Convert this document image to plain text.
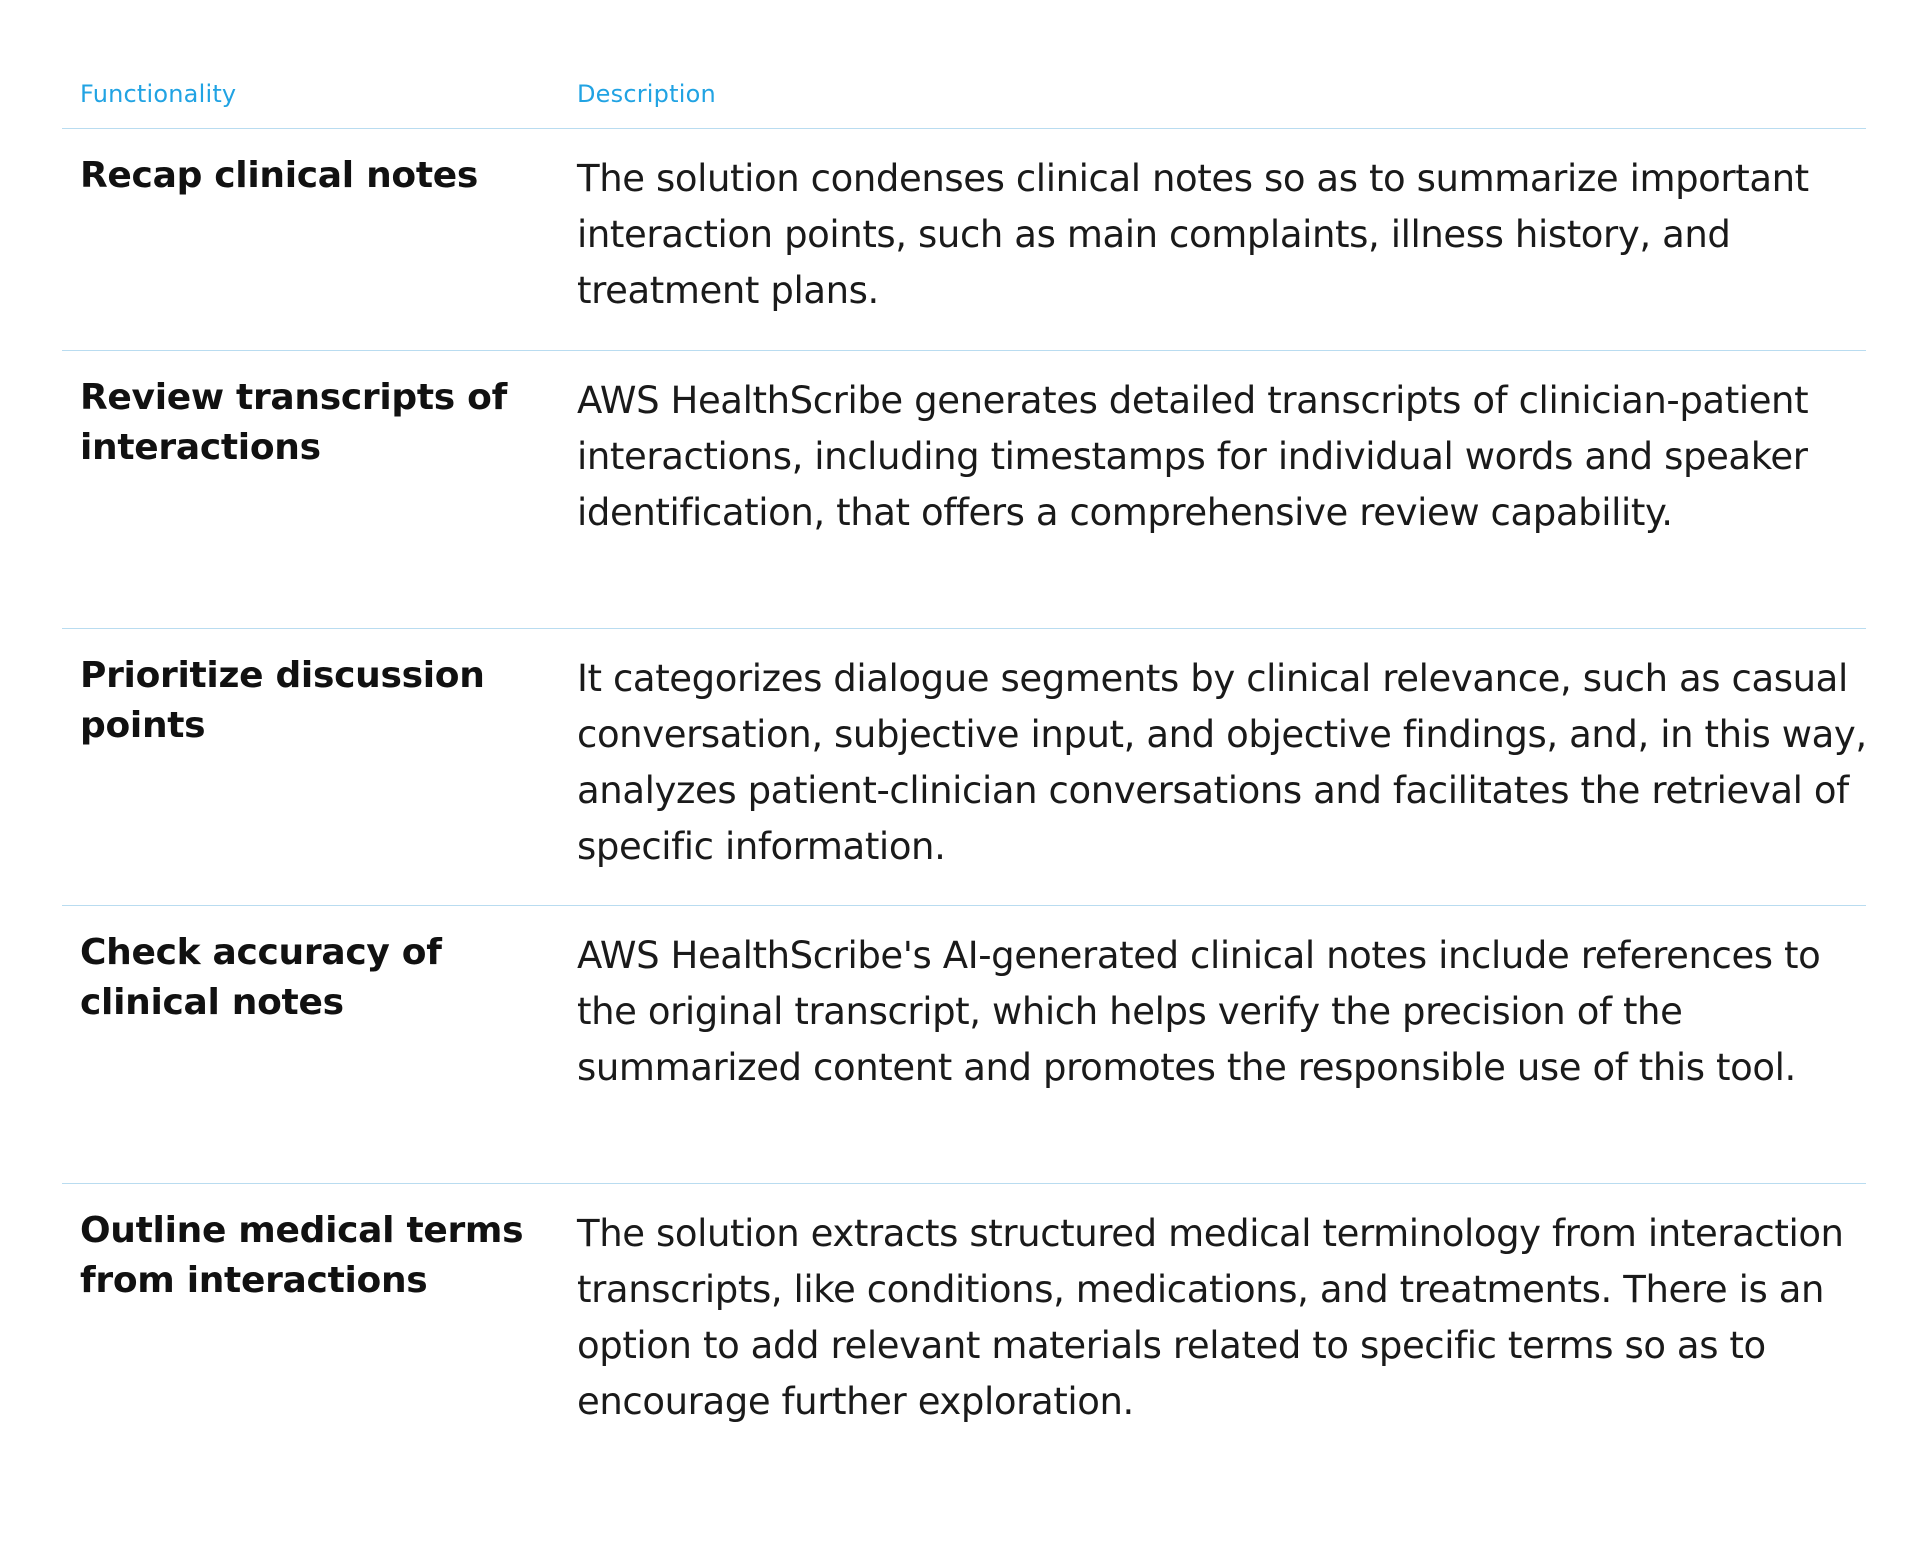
Functionality	Description
Recap clinical notes	The solution condenses clinical notes so as to summarize important interaction points, such as main complaints, illness history, and treatment plans.
Review transcripts of interactions
AWS HealthScribe generates detailed transcripts of clinician-patient interactions, including timestamps for individual words and speaker identification, that offers a comprehensive review capability.
Prioritize discussion points
It categorizes dialogue segments by clinical relevance, such as casual conversation, subjective input, and objective findings, and, in this way, analyzes patient-clinician conversations and facilitates the retrieval of specific information.
Check accuracy of clinical notes
AWS HealthScribe's AI-generated clinical notes include references to the original transcript, which helps verify the precision of the summarized content and promotes the responsible use of this tool.
Outline medical terms from interactions
The solution extracts structured medical terminology from interaction transcripts, like conditions, medications, and treatments. There is an option to add relevant materials related to specific terms so as to encourage further exploration.
